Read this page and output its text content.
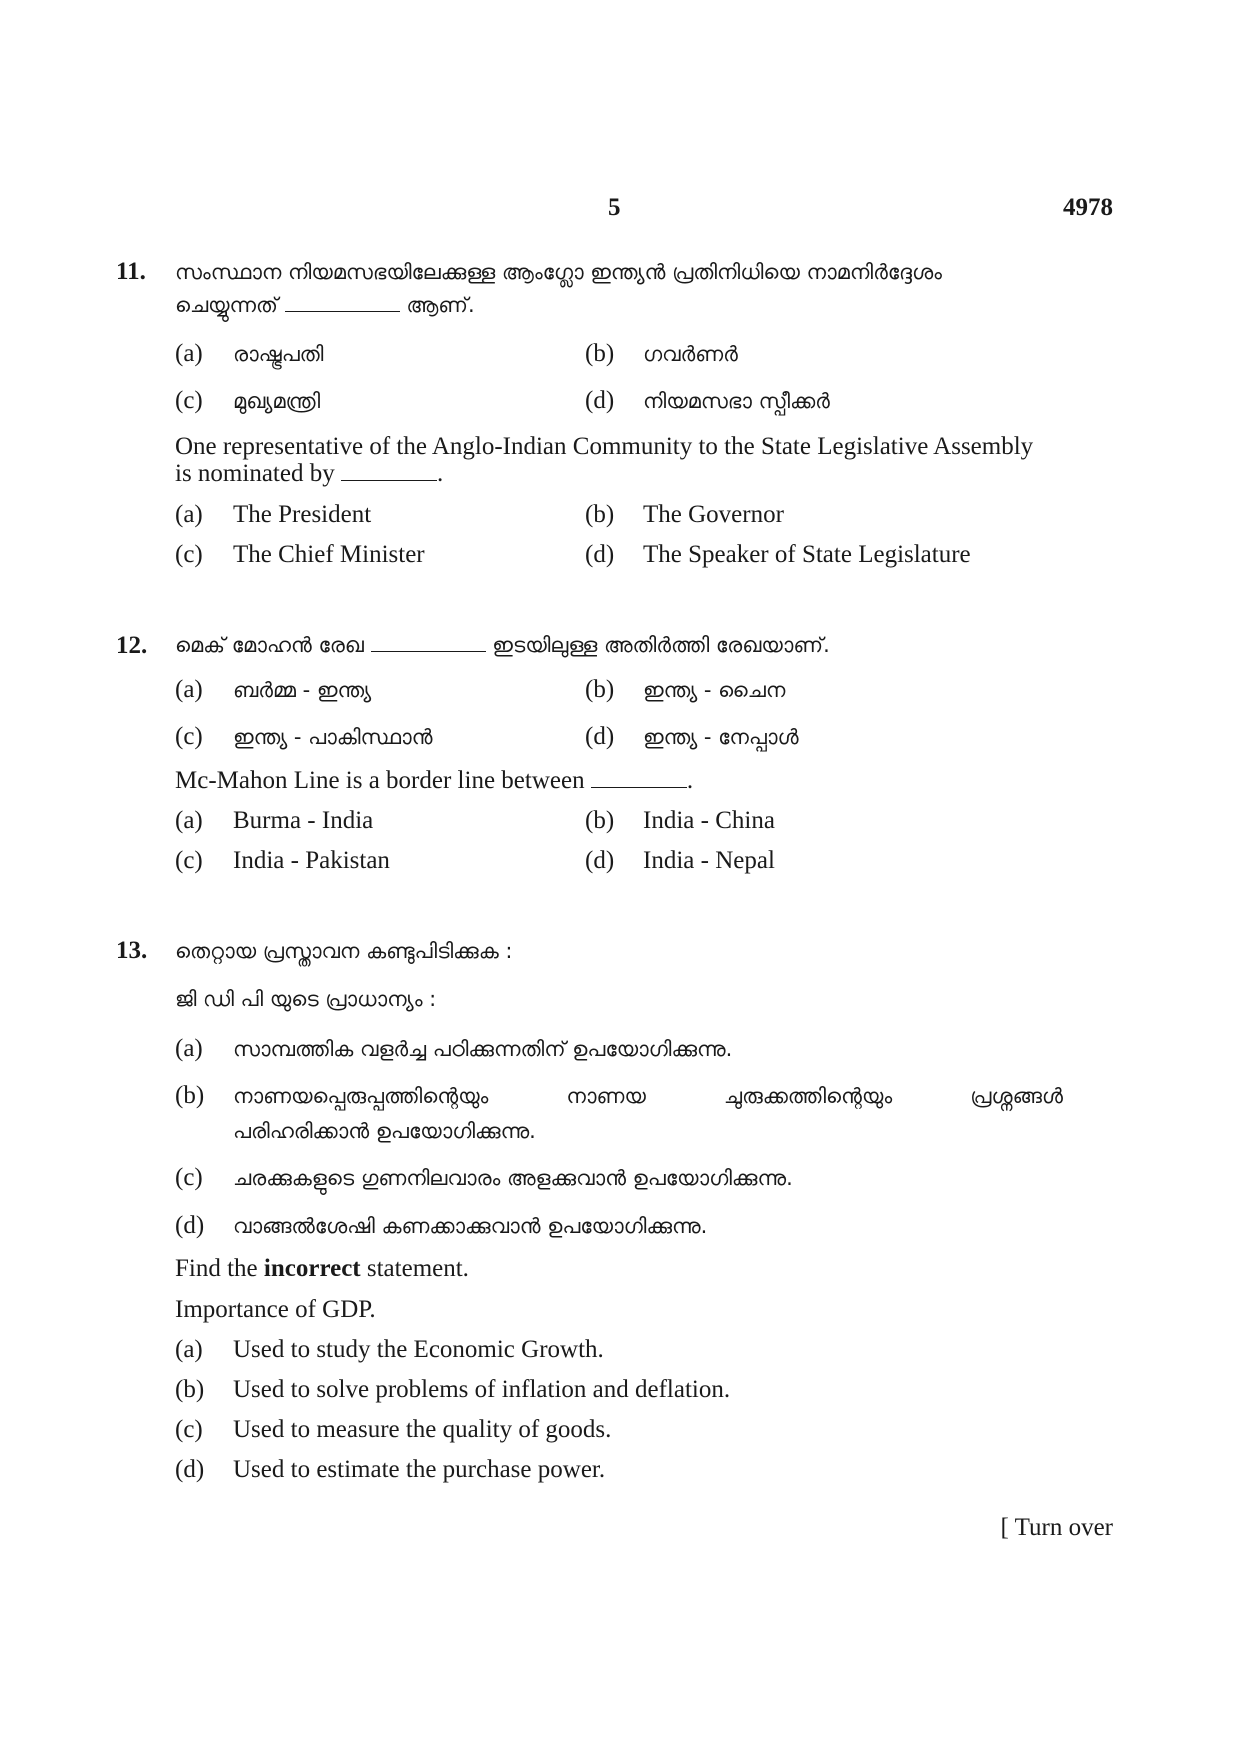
5	4978
11. സംസ്ഥാന നിയമസഭയിലേക്കുള്ള ആംഗ്ലോ ഇന്ത്യൻ പ്രതിനിധിയെ നാമനിർദ്ദേശം
ചെയ്യുന്നത്	ആണ്.
(a) രാഷ്ട്രപതി	(b) ഗവർണർ
(c) മുഖ്യമന്ത്രി	(d) നിയമസഭാ സ്പീക്കർ
One representative of the Anglo-Indian Community to the State Legislative Assembly
is nominated by	.
(a) The President	(b) The Governor
(c) The Chief Minister	(d) The Speaker of State Legislature
12. മെക് മോഹൻ രേഖ	ഇടയിലുള്ള അതിർത്തി രേഖയാണ്.
(a) ബർമ്മ - ഇന്ത്യ	(b) ഇന്ത്യ - ചൈന
(c) ഇന്ത്യ - പാകിസ്ഥാൻ	(d) ഇന്ത്യ - നേപ്പാൾ
Mc-Mahon Line is a border line between	.
(a) Burma - India	(b) India - China
(c) India - Pakistan	(d) India - Nepal
13. തെറ്റായ പ്രസ്താവന കണ്ടുപിടിക്കുക :
ജി ഡി പി യുടെ പ്രാധാന്യം :
(a) സാമ്പത്തിക വളർച്ച പഠിക്കുന്നതിന് ഉപയോഗിക്കുന്നു.
(b) നാണയപ്പെരുപ്പത്തിന്റെയും നാണയ ചുരുക്കത്തിന്റെയും പ്രശ്നങ്ങൾ
പരിഹരിക്കാൻ ഉപയോഗിക്കുന്നു.
(c) ചരക്കുകളുടെ ഗുണനിലവാരം അളക്കുവാൻ ഉപയോഗിക്കുന്നു.
(d) വാങ്ങൽശേഷി കണക്കാക്കുവാൻ ഉപയോഗിക്കുന്നു.
Find the incorrect statement.
Importance of GDP.
(a) Used to study the Economic Growth.
(b) Used to solve problems of inflation and deflation.
(c) Used to measure the quality of goods.
(d) Used to estimate the purchase power.
[ Turn over
